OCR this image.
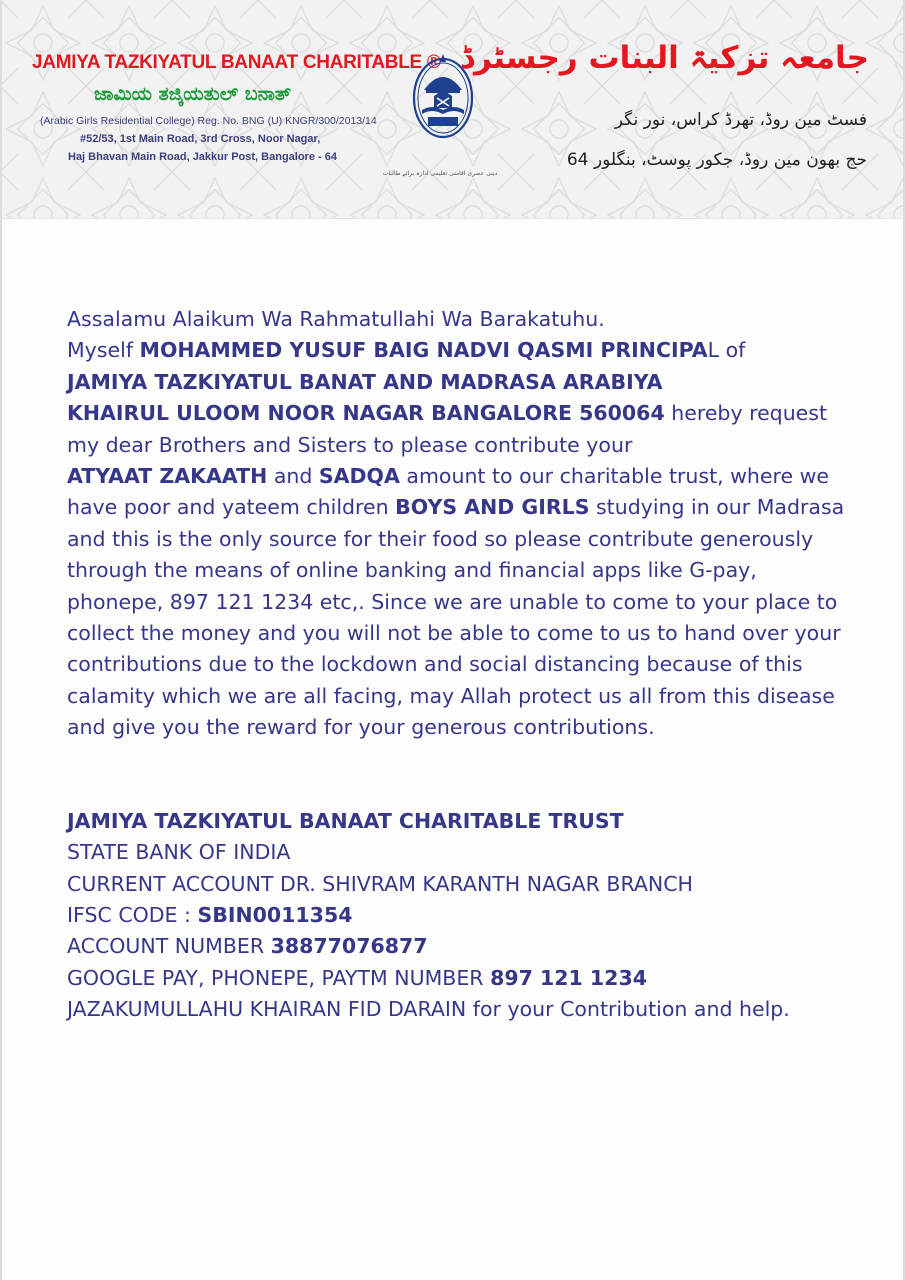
JAMIYA TAZKIYATUL BANAAT CHARITABLE ®

ಜಾಮಿಯ ತಜ್ಕಿಯತುಲ್ ಬನಾತ್

(Arabic Girls Residential College) Reg. No. BNG (U) KNGR/300/2013/14

#52/53, 1st Main Road, 3rd Cross, Noor Nagar,

Haj Bhavan Main Road, Jakkur Post, Bangalore - 64

دینی عصری اقامتی تعلیمی ادارہ برائے طالبات

جامعہ تزکیۃ البنات رجسٹرڈ

فسٹ مین روڈ، تھرڈ کراس، نور نگر

حج بھون مین روڈ، جکور پوسٹ، بنگلور 64

Assalamu Alaikum Wa Rahmatullahi Wa Barakatuhu.

Myself MOHAMMED YUSUF BAIG NADVI QASMI PRINCIPAL of
JAMIYA TAZKIYATUL BANAT AND MADRASA ARABIYA
KHAIRUL ULOOM NOOR NAGAR BANGALORE 560064 hereby request my dear Brothers and Sisters to please contribute your
ATYAAT ZAKAATH and SADQA amount to our charitable trust, where we have poor and yateem children BOYS AND GIRLS studying in our Madrasa and this is the only source for their food so please contribute generously through the means of online banking and financial apps like G-pay, phonepe, 897 121 1234 etc,. Since we are unable to come to your place to collect the money and you will not be able to come to us to hand over your contributions due to the lockdown and social distancing because of this calamity which we are all facing, may Allah protect us all from this disease and give you the reward for your generous contributions.

JAMIYA TAZKIYATUL BANAAT CHARITABLE TRUST

STATE BANK OF INDIA

CURRENT ACCOUNT DR. SHIVRAM KARANTH NAGAR BRANCH

IFSC CODE : SBIN0011354

ACCOUNT NUMBER 38877076877

GOOGLE PAY, PHONEPE, PAYTM NUMBER 897 121 1234

JAZAKUMULLAHU KHAIRAN FID DARAIN for your Contribution and help.
